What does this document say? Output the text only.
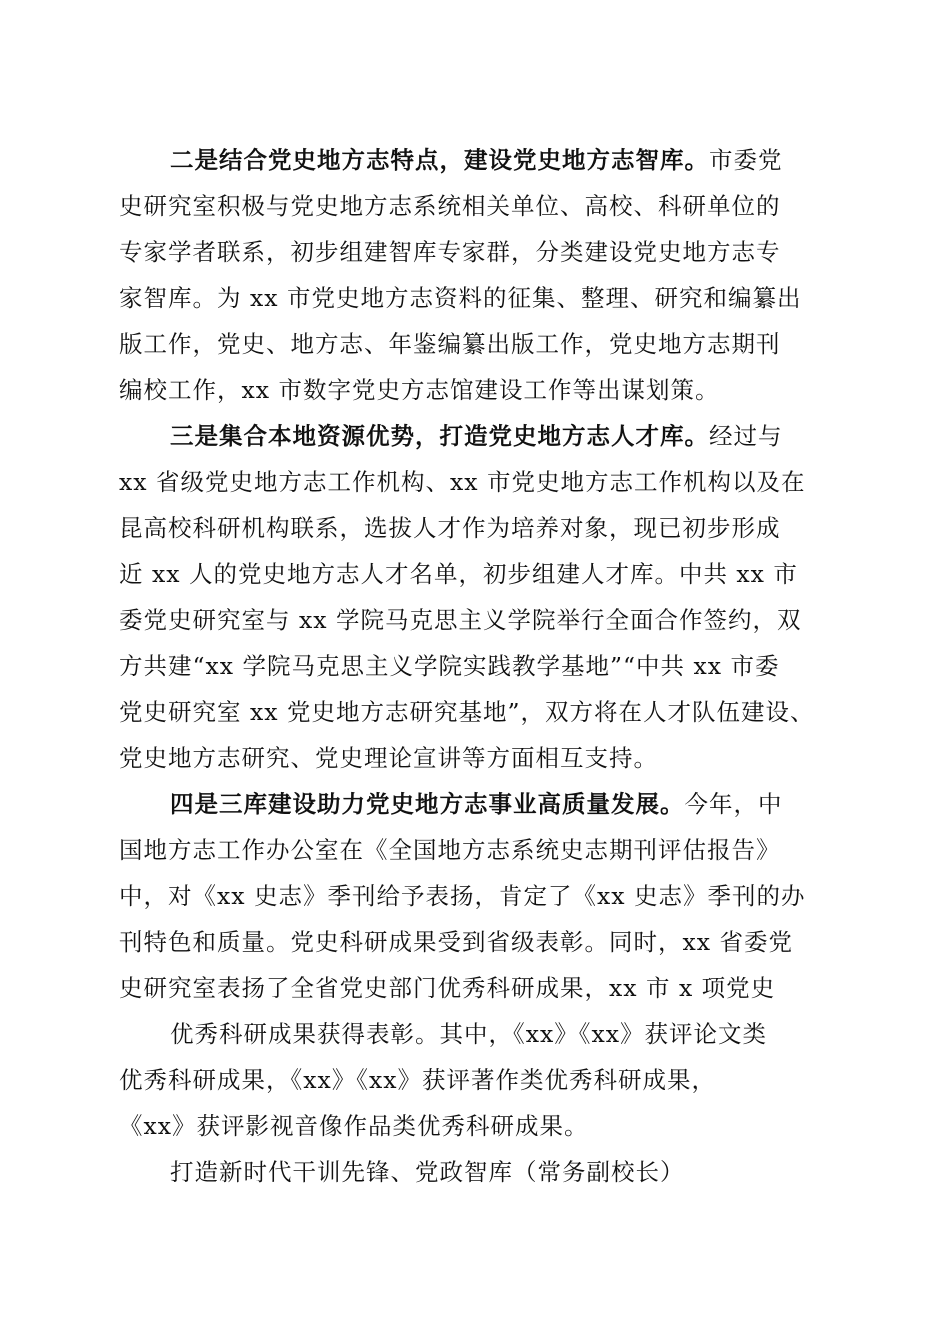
二是结合党史地方志特点，建设党史地方志智库。市委党
史研究室积极与党史地方志系统相关单位、高校、科研单位的
专家学者联系，初步组建智库专家群，分类建设党史地方志专
家智库。为 xx 市党史地方志资料的征集、整理、研究和编纂出
版工作，党史、地方志、年鉴编纂出版工作，党史地方志期刊
编校工作，xx 市数字党史方志馆建设工作等出谋划策。
三是集合本地资源优势，打造党史地方志人才库。经过与
xx 省级党史地方志工作机构、xx 市党史地方志工作机构以及在
昆高校科研机构联系，选拔人才作为培养对象，现已初步形成
近 xx 人的党史地方志人才名单，初步组建人才库。中共 xx 市
委党史研究室与 xx 学院马克思主义学院举行全面合作签约，双
方共建“xx 学院马克思主义学院实践教学基地”“中共 xx 市委
党史研究室 xx 党史地方志研究基地”，双方将在人才队伍建设、
党史地方志研究、党史理论宣讲等方面相互支持。
四是三库建设助力党史地方志事业高质量发展。今年，中
国地方志工作办公室在《全国地方志系统史志期刊评估报告》
中，对《xx 史志》季刊给予表扬，肯定了《xx 史志》季刊的办
刊特色和质量。党史科研成果受到省级表彰。同时，xx 省委党
史研究室表扬了全省党史部门优秀科研成果，xx 市 x 项党史
优秀科研成果获得表彰。其中，《xx》《xx》获评论文类
优秀科研成果，《xx》《xx》获评著作类优秀科研成果，
《xx》获评影视音像作品类优秀科研成果。
打造新时代干训先锋、党政智库（常务副校长）
